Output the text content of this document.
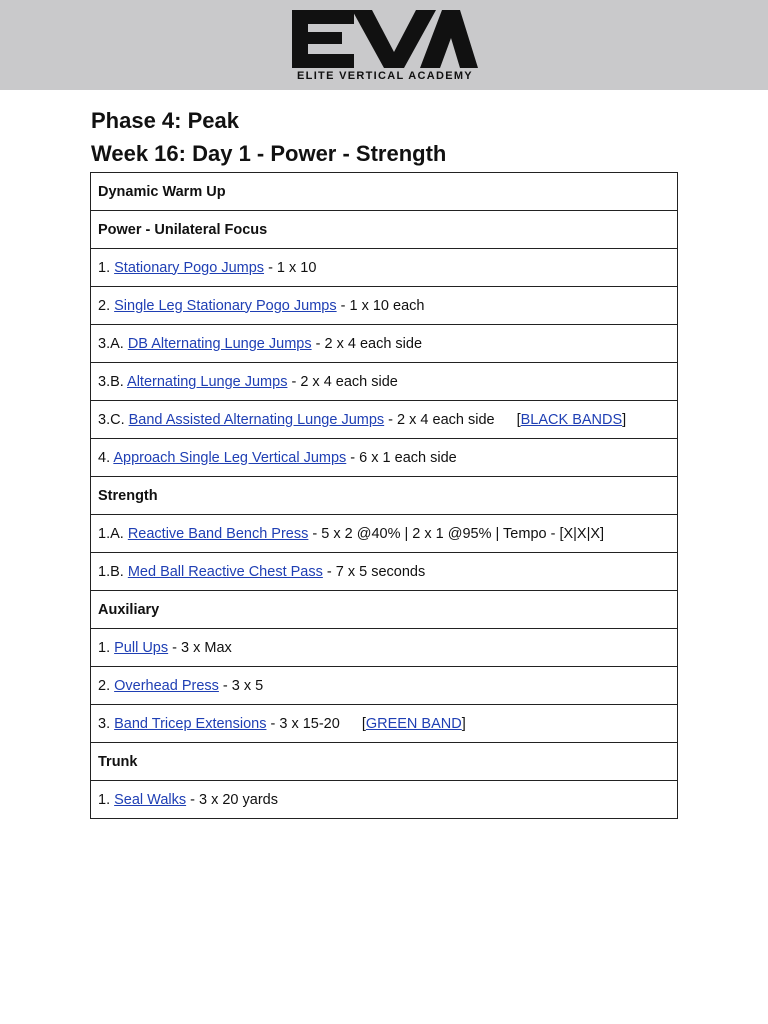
ELITE VERTICAL ACADEMY
Phase 4: Peak
Week 16: Day 1 - Power - Strength
Dynamic Warm Up
Power - Unilateral Focus
1. Stationary Pogo Jumps - 1 x 10
2. Single Leg Stationary Pogo Jumps - 1 x 10 each
3.A. DB Alternating Lunge Jumps - 2 x 4 each side
3.B. Alternating Lunge Jumps - 2 x 4 each side
3.C. Band Assisted Alternating Lunge Jumps - 2 x 4 each side [BLACK BANDS]
4. Approach Single Leg Vertical Jumps - 6 x 1 each side
Strength
1.A. Reactive Band Bench Press - 5 x 2 @40% | 2 x 1 @95% | Tempo - [X|X|X]
1.B. Med Ball Reactive Chest Pass - 7 x 5 seconds
Auxiliary
1. Pull Ups - 3 x Max
2. Overhead Press - 3 x 5
3. Band Tricep Extensions - 3 x 15-20 [GREEN BAND]
Trunk
1. Seal Walks - 3 x 20 yards
